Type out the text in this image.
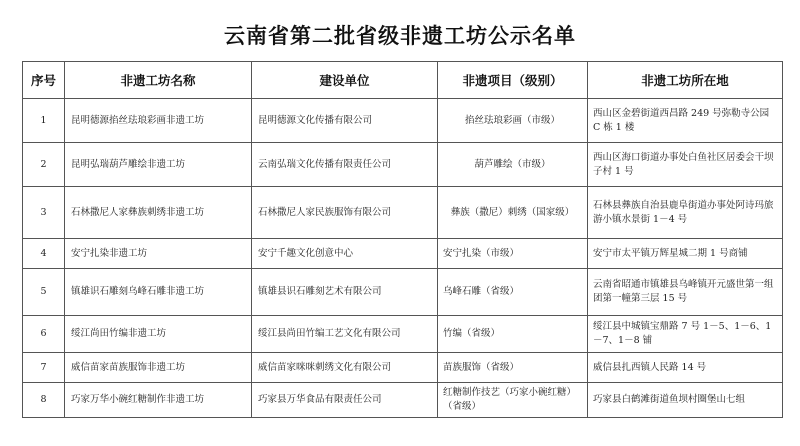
云南省第二批省级非遗工坊公示名单
序号	非遗工坊名称	建设单位	非遗项目（级别）	非遗工坊所在地
1	昆明德源掐丝珐琅彩画非遗工坊	昆明德源文化传播有限公司	掐丝珐琅彩画（市级）	西山区金碧街道西昌路 249 号弥勒寺公园 C 栋 1 楼
2	昆明弘瑞葫芦雕绘非遗工坊	云南弘瑞文化传播有限责任公司	葫芦雕绘（市级）	西山区海口街道办事处白鱼社区居委会干坝子村 1 号
3	石林撒尼人家彝族刺绣非遗工坊	石林撒尼人家民族服饰有限公司	彝族（撒尼）刺绣（国家级）	石林县彝族自治县鹿阜街道办事处阿诗玛旅游小镇水景街 1－4 号
4	安宁扎染非遗工坊	安宁千趣文化创意中心	安宁扎染（市级）	安宁市太平镇万辉星城二期 1 号商铺
5	镇雄识石雕刻乌峰石雕非遗工坊	镇雄县识石雕刻艺术有限公司	乌峰石雕（省级）	云南省昭通市镇雄县乌峰镇开元盛世第一组团第一幢第三层 15 号
6	绥江尚田竹编非遗工坊	绥江县尚田竹编工艺文化有限公司	竹编（省级）	绥江县中城镇宝鼎路 7 号 1－5、1－6、1－7、1－8 铺
7	威信苗家苗族服饰非遗工坊	威信苗家咪咪刺绣文化有限公司	苗族服饰（省级）	威信县扎西镇人民路 14 号
8	巧家万华小碗红糖制作非遗工坊	巧家县万华食品有限责任公司	红糖制作技艺（巧家小碗红糖）（省级）	巧家县白鹤滩街道鱼坝村圈堡山七组
